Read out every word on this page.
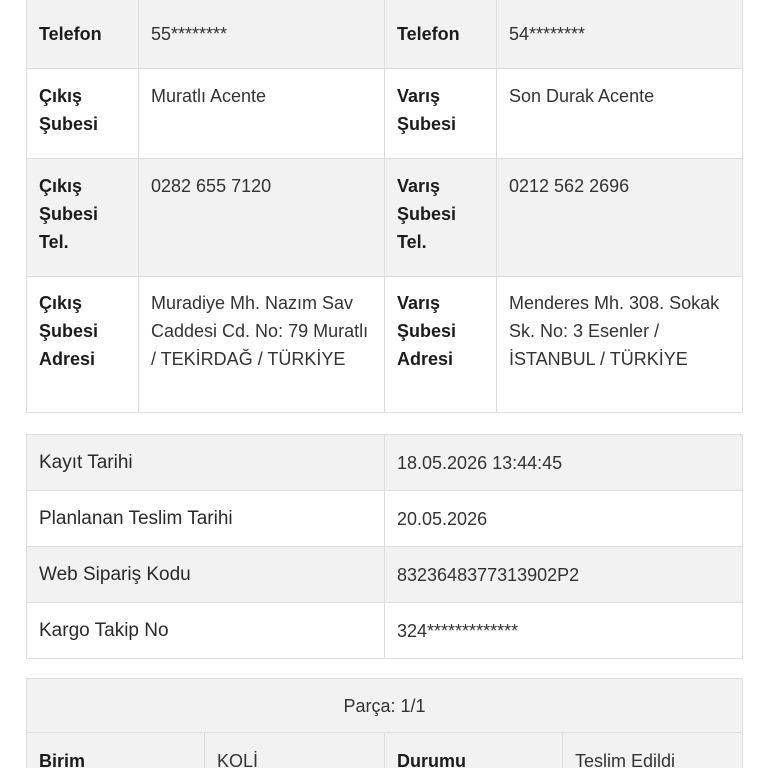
Telefon	55********	Telefon	54********
Çıkış Şubesi	Muratlı Acente	Varış Şubesi	Son Durak Acente
Çıkış Şubesi Tel.	0282 655 7120	Varış Şubesi Tel.	0212 562 2696
Çıkış Şubesi Adresi	Muradiye Mh. Nazım Sav Caddesi Cd. No: 79 Muratlı / TEKİRDAĞ / TÜRKİYE	Varış Şubesi Adresi	Menderes Mh. 308. Sokak Sk. No: 3 Esenler / İSTANBUL / TÜRKİYE
Kayıt Tarihi	18.05.2026 13:44:45
Planlanan Teslim Tarihi	20.05.2026
Web Sipariş Kodu	8323648377313902P2
Kargo Takip No	324*************
Parça: 1/1
Birim	KOLİ	Durumu	Teslim Edildi
